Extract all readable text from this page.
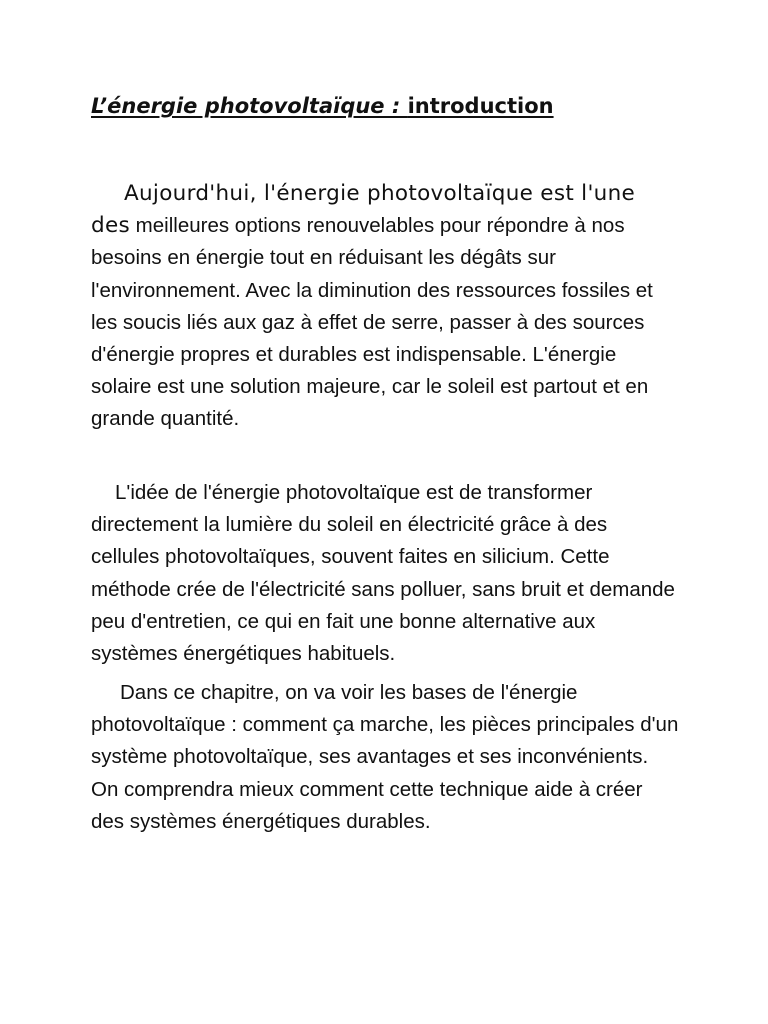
L’énergie photovoltaïque : introduction

Aujourd'hui, l'énergie photovoltaïque est l'une des meilleures options renouvelables pour répondre à nos besoins en énergie tout en réduisant les dégâts sur l'environnement. Avec la diminution des ressources fossiles et les soucis liés aux gaz à effet de serre, passer à des sources d'énergie propres et durables est indispensable. L'énergie solaire est une solution majeure, car le soleil est partout et en grande quantité.

L'idée de l'énergie photovoltaïque est de transformer directement la lumière du soleil en électricité grâce à des cellules photovoltaïques, souvent faites en silicium. Cette méthode crée de l'électricité sans polluer, sans bruit et demande peu d'entretien, ce qui en fait une bonne alternative aux systèmes énergétiques habituels.

Dans ce chapitre, on va voir les bases de l'énergie photovoltaïque : comment ça marche, les pièces principales d'un système photovoltaïque, ses avantages et ses inconvénients. On comprendra mieux comment cette technique aide à créer des systèmes énergétiques durables.
